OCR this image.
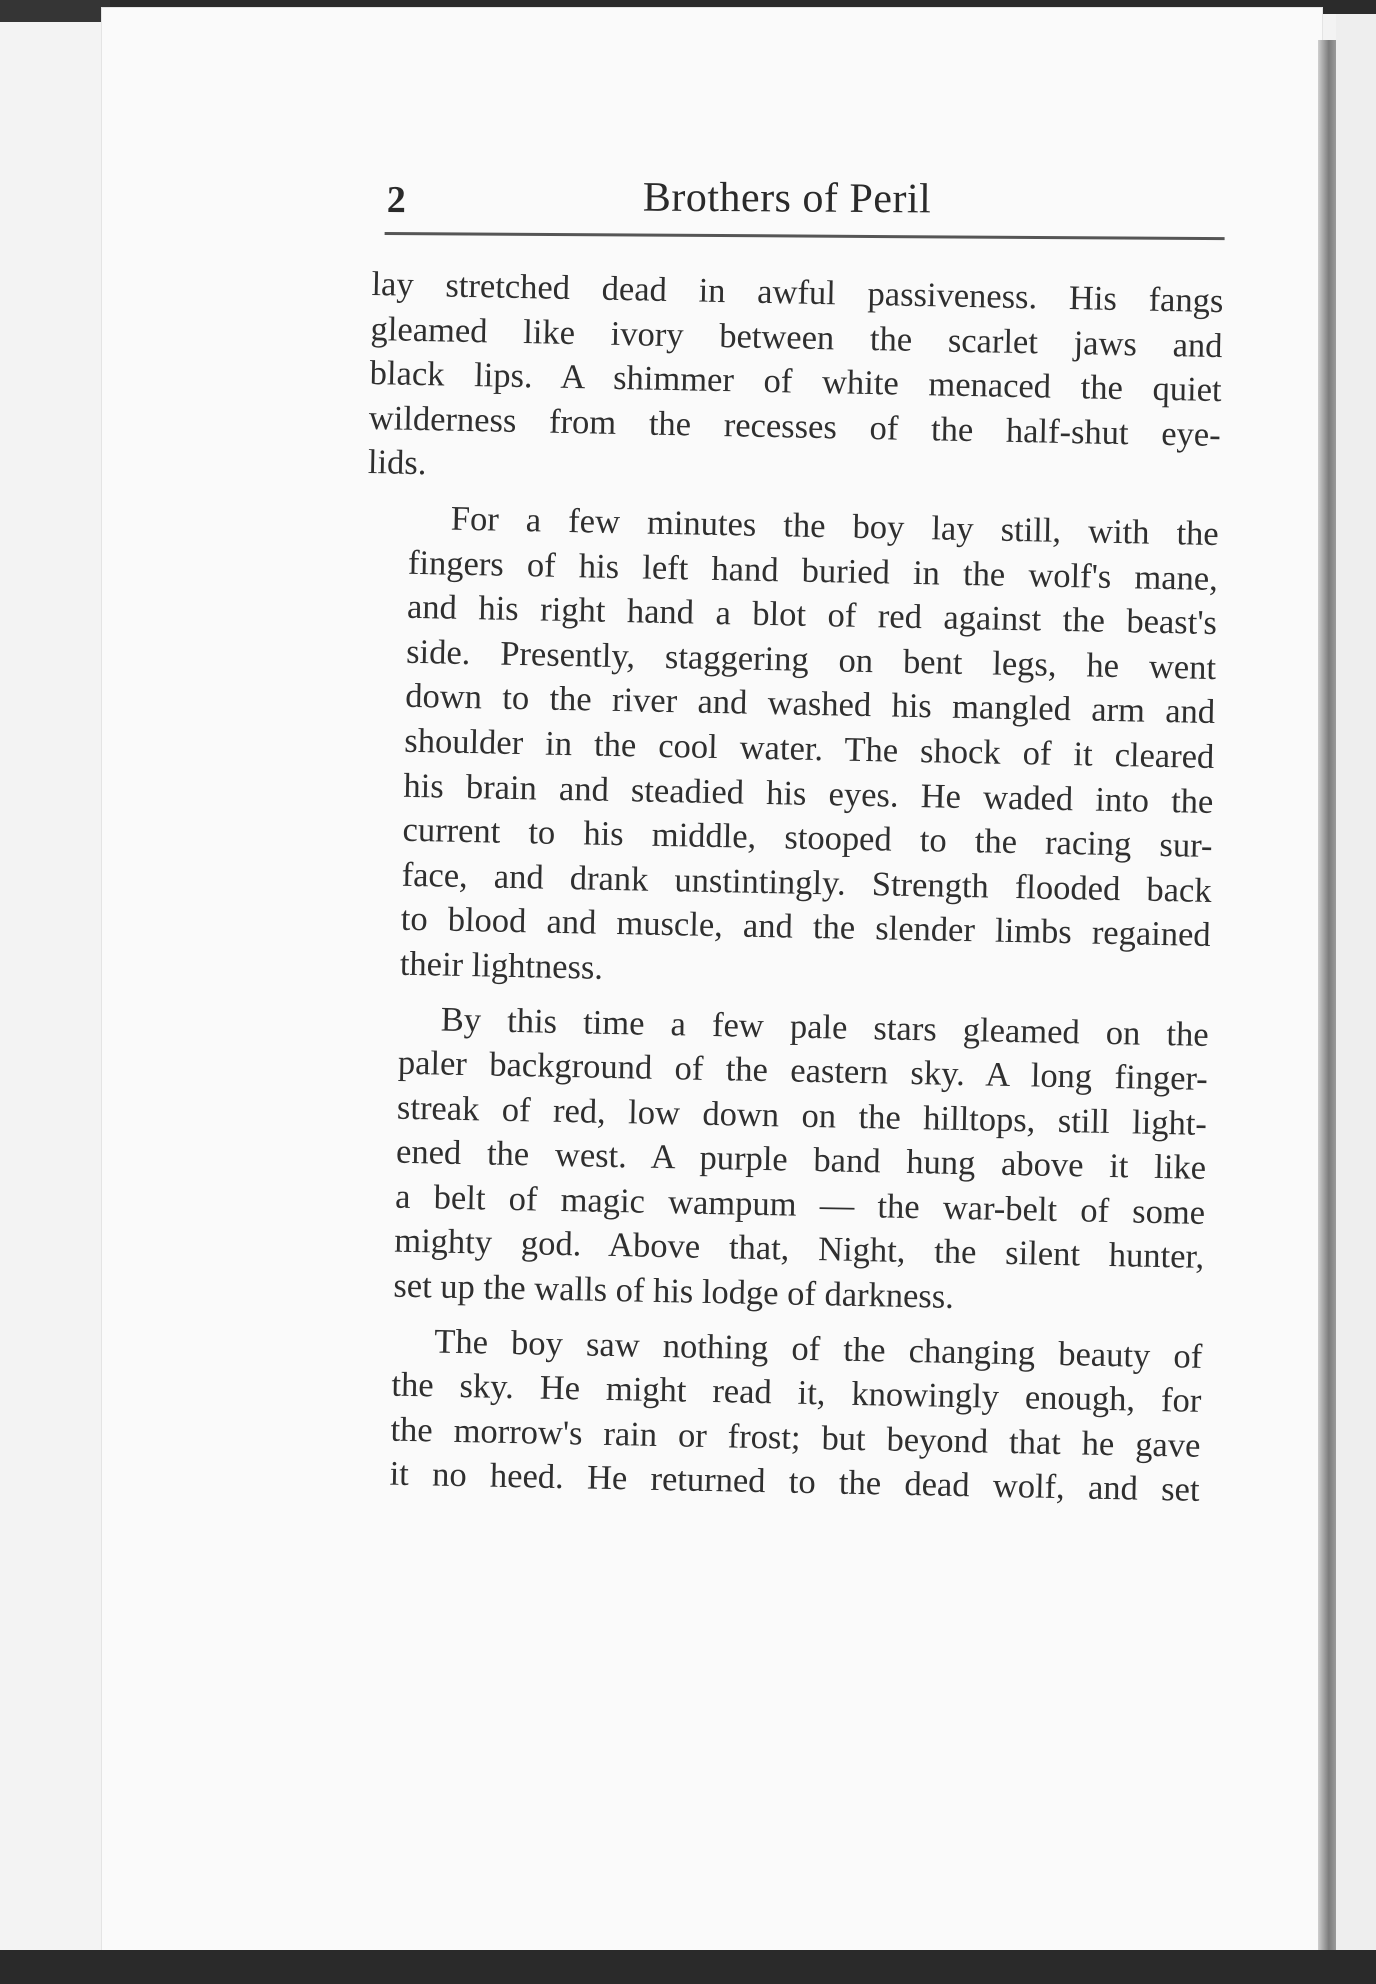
2	Brothers of Peril

lay stretched dead in awful passiveness. His fangs
gleamed like ivory between the scarlet jaws and
black lips. A shimmer of white menaced the quiet
wilderness from the recesses of the half-shut eye-
lids.

For a few minutes the boy lay still, with the
fingers of his left hand buried in the wolf's mane,
and his right hand a blot of red against the beast's
side. Presently, staggering on bent legs, he went
down to the river and washed his mangled arm and
shoulder in the cool water. The shock of it cleared
his brain and steadied his eyes. He waded into the
current to his middle, stooped to the racing sur-
face, and drank unstintingly. Strength flooded back
to blood and muscle, and the slender limbs regained
their lightness.

By this time a few pale stars gleamed on the
paler background of the eastern sky. A long finger-
streak of red, low down on the hilltops, still light-
ened the west. A purple band hung above it like
a belt of magic wampum — the war-belt of some
mighty god. Above that, Night, the silent hunter,
set up the walls of his lodge of darkness.

The boy saw nothing of the changing beauty of
the sky. He might read it, knowingly enough, for
the morrow's rain or frost; but beyond that he gave
it no heed. He returned to the dead wolf, and set
